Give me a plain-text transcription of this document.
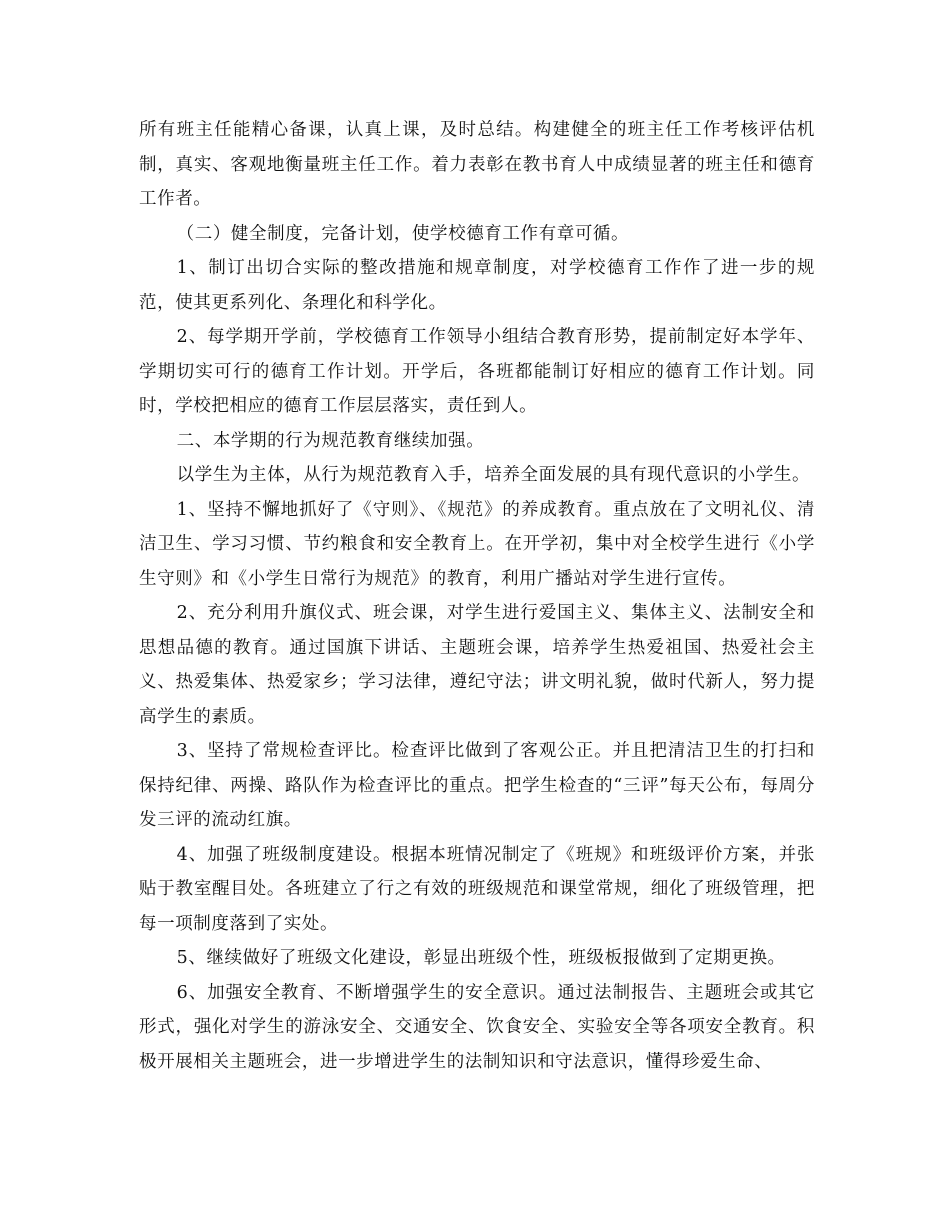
所有班主任能精心备课，认真上课，及时总结。构建健全的班主任工作考核评估机制，真实、客观地衡量班主任工作。着力表彰在教书育人中成绩显著的班主任和德育工作者。

（二）健全制度，完备计划，使学校德育工作有章可循。

1、制订出切合实际的整改措施和规章制度，对学校德育工作作了进一步的规范，使其更系列化、条理化和科学化。

2、每学期开学前，学校德育工作领导小组结合教育形势，提前制定好本学年、学期切实可行的德育工作计划。开学后，各班都能制订好相应的德育工作计划。同时，学校把相应的德育工作层层落实，责任到人。

二、本学期的行为规范教育继续加强。

以学生为主体，从行为规范教育入手，培养全面发展的具有现代意识的小学生。

1、坚持不懈地抓好了《守则》、《规范》的养成教育。重点放在了文明礼仪、清洁卫生、学习习惯、节约粮食和安全教育上。在开学初，集中对全校学生进行《小学生守则》和《小学生日常行为规范》的教育，利用广播站对学生进行宣传。

2、充分利用升旗仪式、班会课，对学生进行爱国主义、集体主义、法制安全和思想品德的教育。通过国旗下讲话、主题班会课，培养学生热爱祖国、热爱社会主义、热爱集体、热爱家乡；学习法律，遵纪守法；讲文明礼貌，做时代新人，努力提高学生的素质。

3、坚持了常规检查评比。检查评比做到了客观公正。并且把清洁卫生的打扫和保持纪律、两操、路队作为检查评比的重点。把学生检查的“三评”每天公布，每周分发三评的流动红旗。

4、加强了班级制度建设。根据本班情况制定了《班规》和班级评价方案，并张贴于教室醒目处。各班建立了行之有效的班级规范和课堂常规，细化了班级管理，把每一项制度落到了实处。

5、继续做好了班级文化建设，彰显出班级个性，班级板报做到了定期更换。

6、加强安全教育、不断增强学生的安全意识。通过法制报告、主题班会或其它形式，强化对学生的游泳安全、交通安全、饮食安全、实验安全等各项安全教育。积极开展相关主题班会，进一步增进学生的法制知识和守法意识，懂得珍爱生命、
